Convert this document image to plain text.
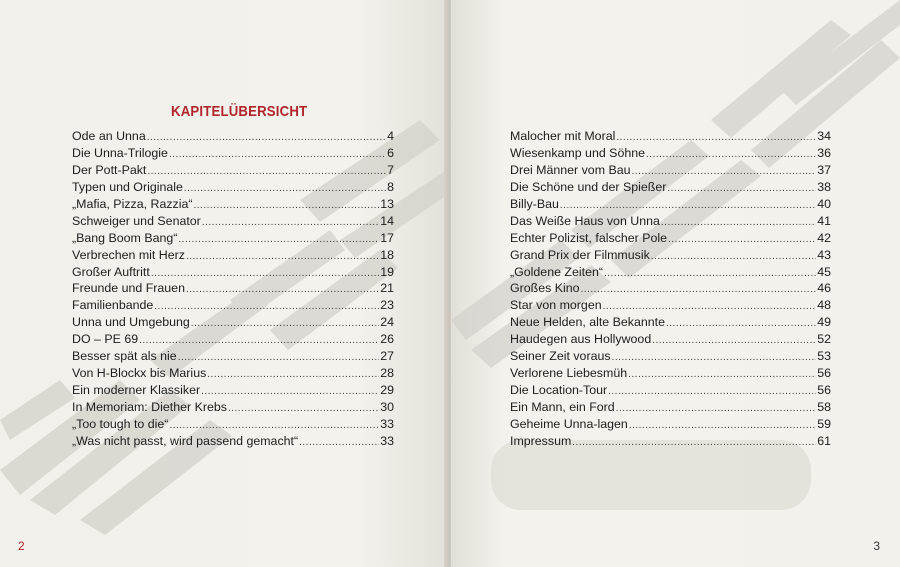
KAPITELÜBERSICHT
Ode an Unna .....	4
Die Unna-Trilogie .....	6
Der Pott-Pakt .....	7
Typen und Originale .....	8
„Mafia, Pizza, Razzia“ .....	13
Schweiger und Senator .....	14
„Bang Boom Bang“ .....	17
Verbrechen mit Herz .....	18
Großer Auftritt .....	19
Freunde und Frauen .....	21
Familienbande .....	23
Unna und Umgebung .....	24
DO – PE 69 .....	26
Besser spät als nie .....	27
Von H-Blockx bis Marius .....	28
Ein moderner Klassiker .....	29
In Memoriam: Diether Krebs .....	30
„Too tough to die“ .....	33
„Was nicht passt, wird passend gemacht“ .....	33
2
Malocher mit Moral .....	34
Wiesenkamp und Söhne .....	36
Drei Männer vom Bau .....	37
Die Schöne und der Spießer .....	38
Billy-Bau .....	40
Das Weiße Haus von Unna .....	41
Echter Polizist, falscher Pole .....	42
Grand Prix der Filmmusik .....	43
„Goldene Zeiten“ .....	45
Großes Kino .....	46
Star von morgen .....	48
Neue Helden, alte Bekannte .....	49
Haudegen aus Hollywood .....	52
Seiner Zeit voraus .....	53
Verlorene Liebesmüh .....	56
Die Location-Tour .....	56
Ein Mann, ein Ford .....	58
Geheime Unna-lagen .....	59
Impressum .....	61
3
